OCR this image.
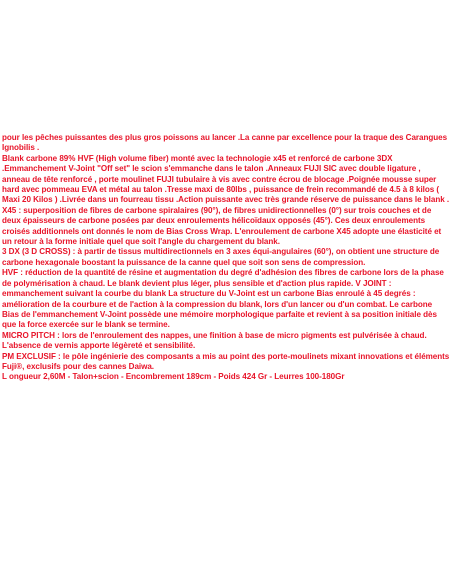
pour les pêches puissantes des plus gros poissons au lancer .La canne par excellence pour la traque des Carangues Ignobilis .

Blank carbone 89% HVF (High volume fiber) monté avec la technologie x45 et renforcé de carbone 3DX .Emmanchement V-Joint "Off set" le scion s'emmanche dans le talon .Anneaux FUJI SIC avec double ligature , anneau de tête renforcé , porte moulinet FUJI tubulaire à vis avec contre écrou de blocage .Poignée mousse super hard avec pommeau EVA et métal au talon .Tresse maxi de 80lbs , puissance de frein recommandé de 4.5 à 8 kilos ( Maxi 20 Kilos ) .Livrée dans un fourreau tissu .Action puissante avec très grande réserve de puissance dans le blank .

X45 : superposition de fibres de carbone spiralaires (90°), de fibres unidirectionnelles (0°) sur trois couches et de deux épaisseurs de carbone posées par deux enroulements hélicoïdaux opposés (45°). Ces deux enroulements croisés additionnels ont donnés le nom de Bias Cross Wrap. L'enroulement de carbone X45 adopte une élasticité et un retour à la forme initiale quel que soit l'angle du chargement du blank.

3 DX (3 D CROSS) : à partir de tissus multidirectionnels en 3 axes équi-angulaires (60°), on obtient une structure de carbone hexagonale boostant la puissance de la canne quel que soit son sens de compression.

HVF : réduction de la quantité de résine et augmentation du degré d'adhésion des fibres de carbone lors de la phase de polymérisation à chaud. Le blank devient plus léger, plus sensible et d'action plus rapide. V JOINT : emmanchement suivant la courbe du blank La structure du V-Joint est un carbone Bias enroulé à 45 degrés : amélioration de la courbure et de l'action à la compression du blank, lors d'un lancer ou d'un combat. Le carbone Bias de l'emmanchement V-Joint possède une mémoire morphologique parfaite et revient à sa position initiale dès que la force exercée sur le blank se termine.

MICRO PITCH : lors de l'enroulement des nappes, une finition à base de micro pigments est pulvérisée à chaud. L'absence de vernis apporte légèreté et sensibilité.

PM EXCLUSIF : le pôle ingénierie des composants a mis au point des porte-moulinets mixant innovations et éléments Fuji®, exclusifs pour des cannes Daiwa.

L ongueur 2,60M - Talon+scion - Encombrement 189cm - Poids 424 Gr - Leurres 100-180Gr
